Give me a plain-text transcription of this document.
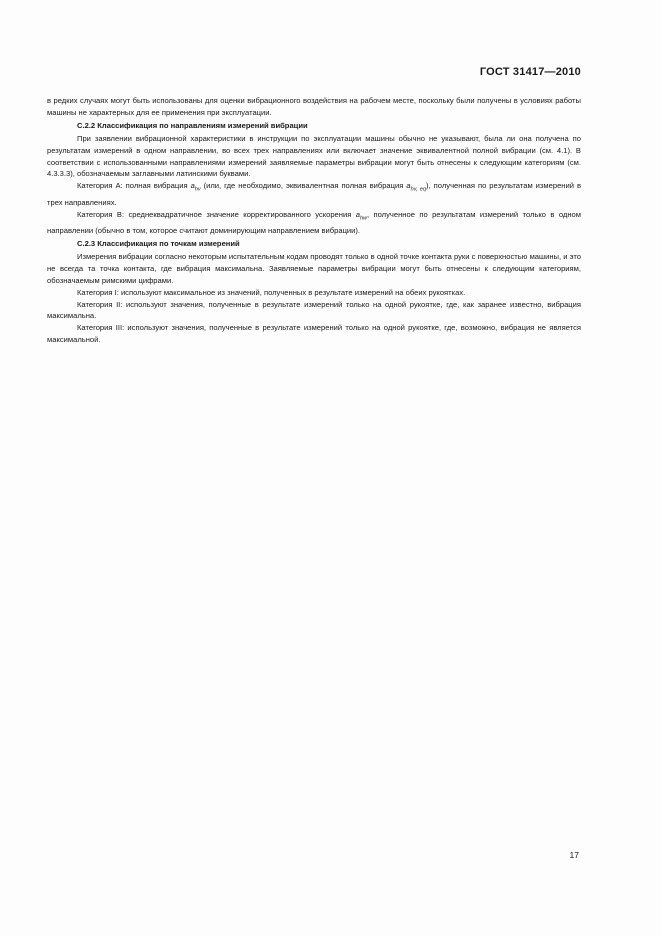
ГОСТ 31417—2010

в редких случаях могут быть использованы для оценки вибрационного воздействия на рабочем месте, поскольку были получены в условиях работы машины не характерных для ее применения при эксплуатации.

С.2.2 Классификация по направлениям измерений вибрации

При заявлении вибрационной характеристики в инструкции по эксплуатации машины обычно не указывают, была ли она получена по результатам измерений в одном направлении, во всех трех направлениях или включает значение эквивалентной полной вибрации (см. 4.1). В соответствии с использованными направлениями измерений заявляемые параметры вибрации могут быть отнесены к следующим категориям (см. 4.3.3.3), обозначаемым заглавными латинскими буквами.

Категория А: полная вибрация $a_{hv}$ (или, где необходимо, эквивалентная полная вибрация $a_{hv, eq}$), полученная по результатам измерений в трех направлениях.

Категория В: среднеквадратичное значение корректированного ускорения $a_{hw}$, полученное по результатам измерений только в одном направлении (обычно в том, которое считают доминирующим направлением вибрации).

С.2.3 Классификация по точкам измерений

Измерения вибрации согласно некоторым испытательным кодам проводят только в одной точке контакта руки с поверхностью машины, и это не всегда та точка контакта, где вибрация максимальна. Заявляемые параметры вибрации могут быть отнесены к следующим категориям, обозначаемым римскими цифрами.

Категория I: используют максимальное из значений, полученных в результате измерений на обеих рукоятках.

Категория II: используют значения, полученные в результате измерений только на одной рукоятке, где, как заранее известно, вибрация максимальна.

Категория III: используют значения, полученные в результате измерений только на одной рукоятке, где, возможно, вибрация не является максимальной.

17
